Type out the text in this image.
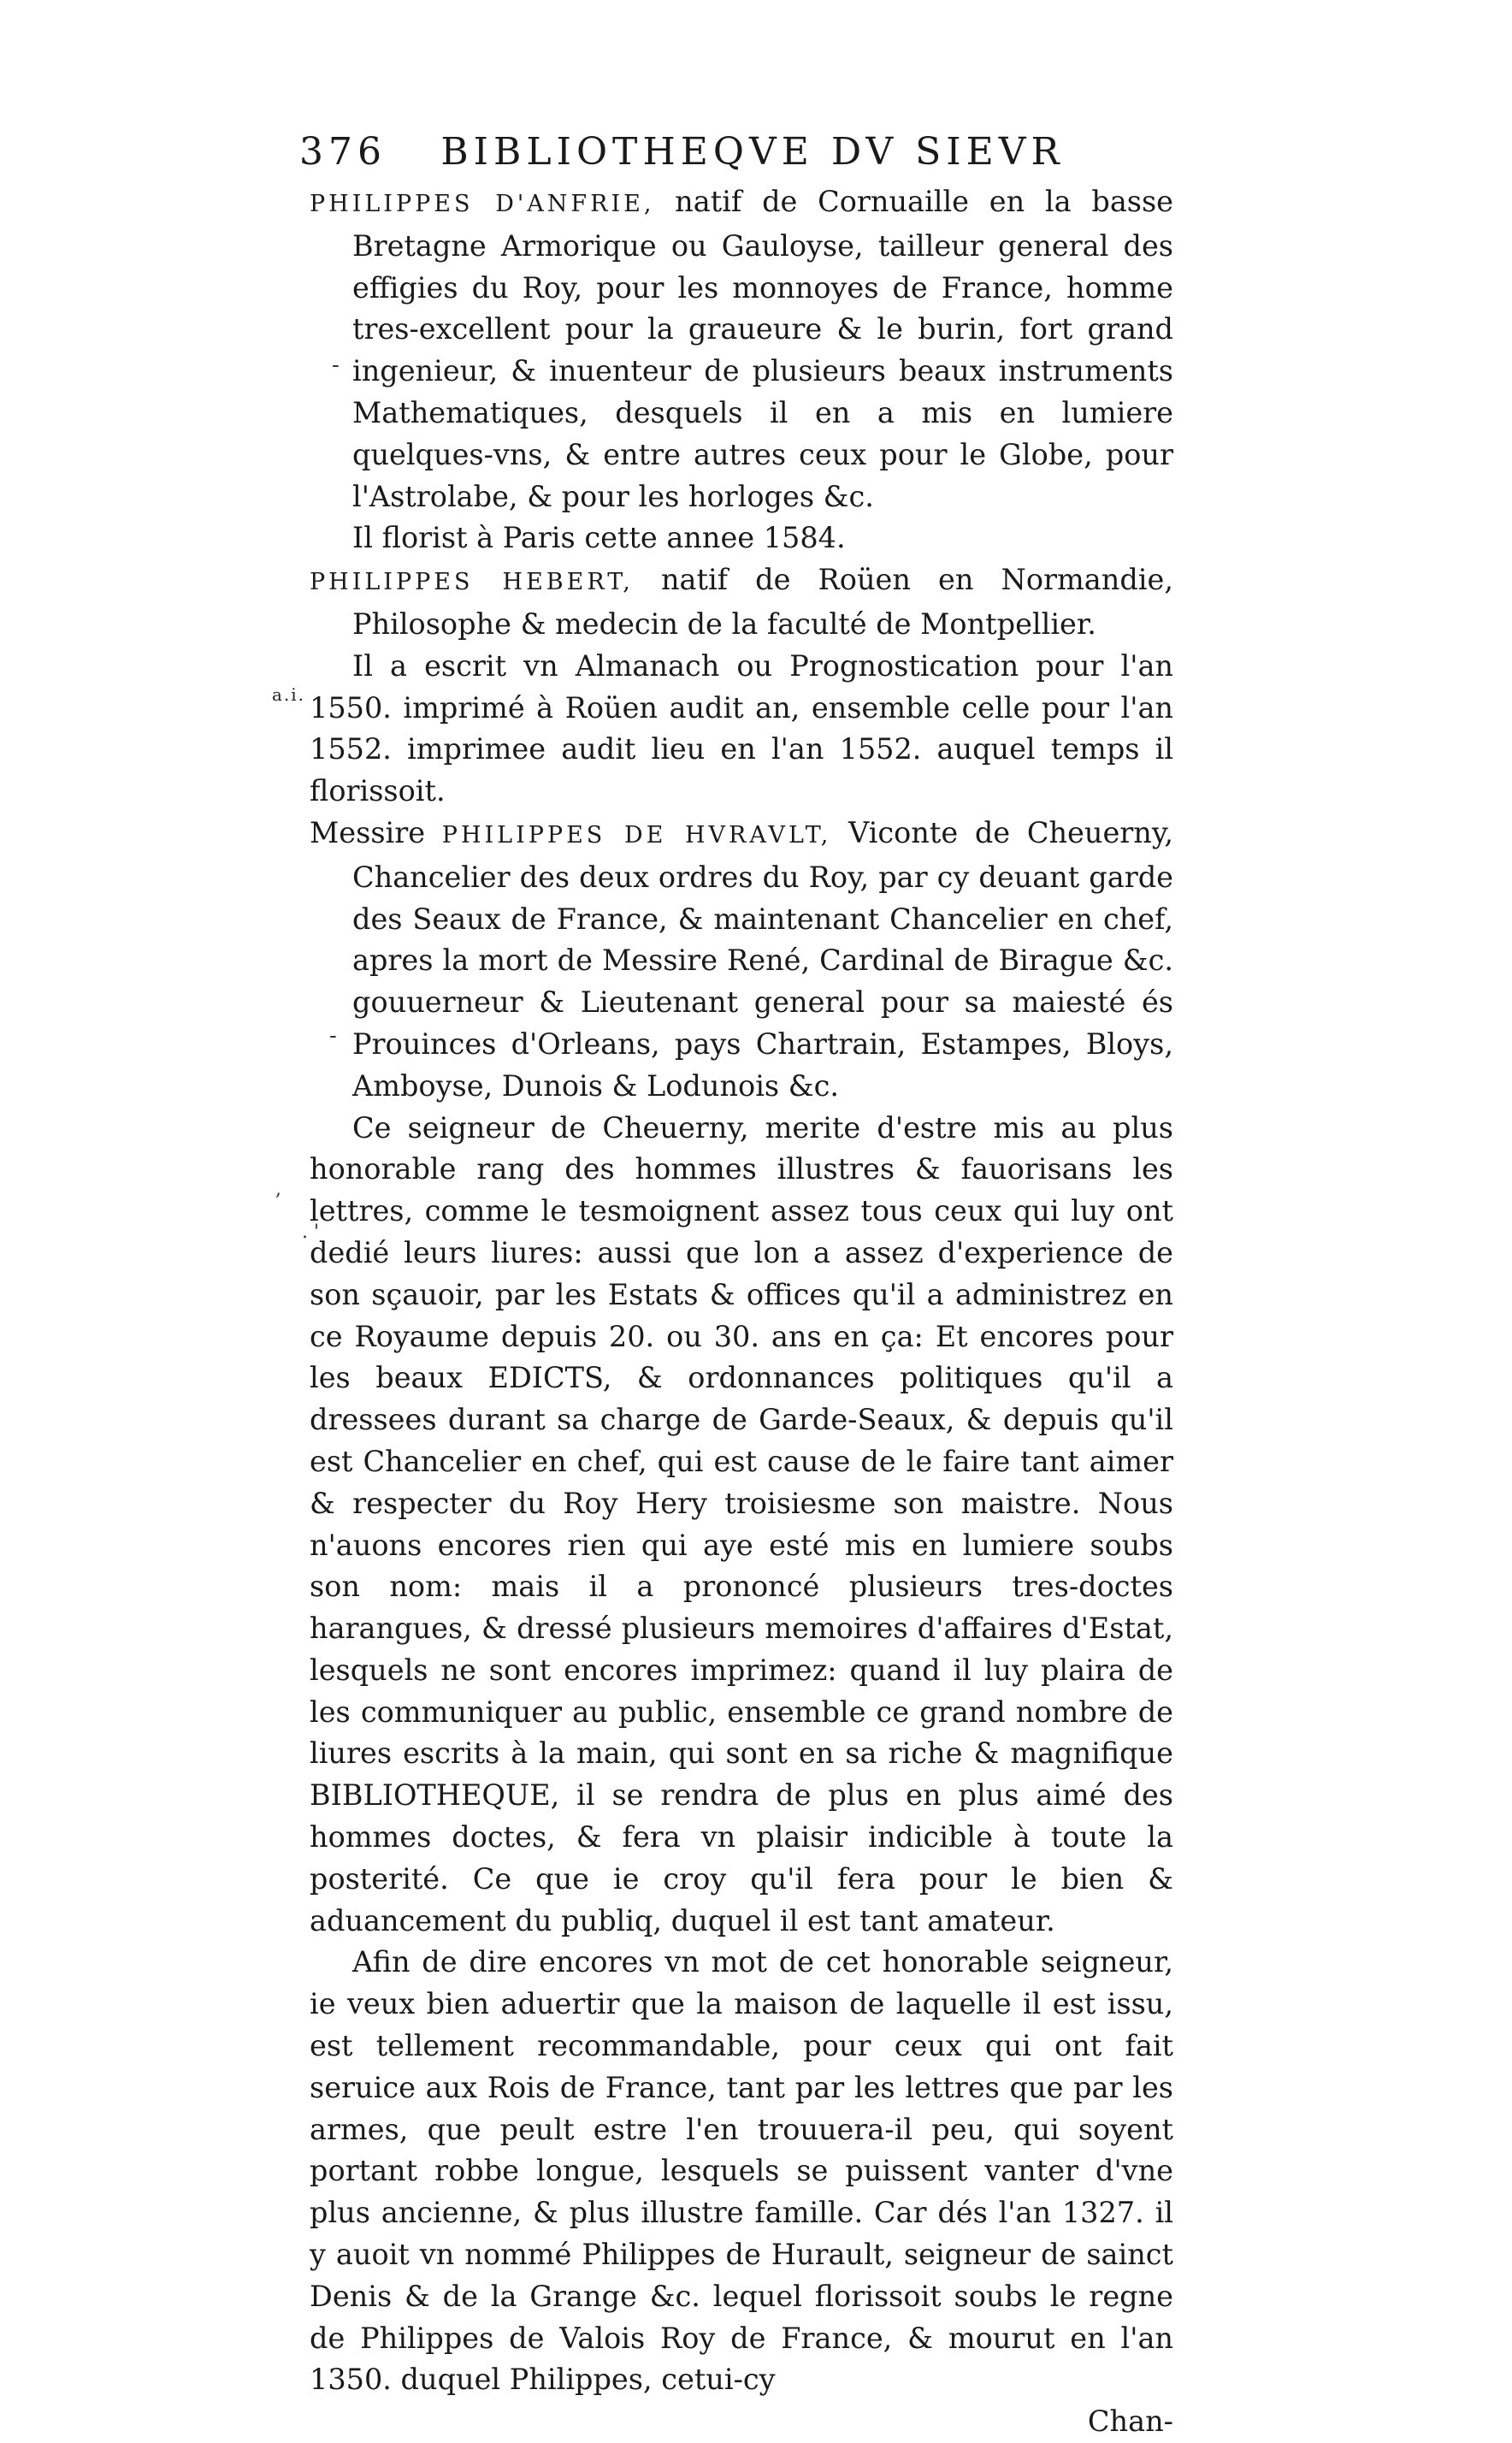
376	BIBLIOTHEQVE DV SIEVR
a.i.

PHILIPPES D'ANFRIE, natif de Cornuaille en la basse Bretagne Armorique ou Gauloyse, tailleur general des effigies du Roy, pour les monnoyes de France, homme tres-excellent pour la graueure & le burin, fort grand ingenieur, & inuenteur de plusieurs beaux instruments Mathematiques, desquels il en a mis en lumiere quelques-vns, & entre autres ceux pour le Globe, pour l'Astrolabe, & pour les horloges &c.

Il florist à Paris cette annee 1584.

PHILIPPES HEBERT, natif de Roüen en Normandie, Philosophe & medecin de la faculté de Montpellier.

Il a escrit vn Almanach ou Prognostication pour l'an 1550. imprimé à Roüen audit an, ensemble celle pour l'an 1552. imprimee audit lieu en l'an 1552. auquel temps il florissoit.

Messire PHILIPPES DE HVRAVLT, Viconte de Cheuerny, Chancelier des deux ordres du Roy, par cy deuant garde des Seaux de France, & maintenant Chancelier en chef, apres la mort de Messire René, Cardinal de Birague &c. gouuerneur & Lieutenant general pour sa maiesté és Prouinces d'Orleans, pays Chartrain, Estampes, Bloys, Amboyse, Dunois & Lodunois &c.

Ce seigneur de Cheuerny, merite d'estre mis au plus honorable rang des hommes illustres & fauorisans les lettres, comme le tesmoignent assez tous ceux qui luy ont dedié leurs liures: aussi que lon a assez d'experience de son sçauoir, par les Estats & offices qu'il a administrez en ce Royaume depuis 20. ou 30. ans en ça: Et encores pour les beaux EDICTS, & ordonnances politiques qu'il a dressees durant sa charge de Garde-Seaux, & depuis qu'il est Chancelier en chef, qui est cause de le faire tant aimer & respecter du Roy Hery troisiesme son maistre. Nous n'auons encores rien qui aye esté mis en lumiere soubs son nom: mais il a prononcé plusieurs tres-doctes harangues, & dressé plusieurs memoires d'affaires d'Estat, lesquels ne sont encores imprimez: quand il luy plaira de les communiquer au public, ensemble ce grand nombre de liures escrits à la main, qui sont en sa riche & magnifique BIBLIOTHEQUE, il se rendra de plus en plus aimé des hommes doctes, & fera vn plaisir indicible à toute la posterité. Ce que ie croy qu'il fera pour le bien & aduancement du publiq, duquel il est tant amateur.

Afin de dire encores vn mot de cet honorable seigneur, ie veux bien aduertir que la maison de laquelle il est issu, est tellement recommandable, pour ceux qui ont fait seruice aux Rois de France, tant par les lettres que par les armes, que peult estre l'en trouuera-il peu, qui soyent portant robbe longue, lesquels se puissent vanter d'vne plus ancienne, & plus illustre famille. Car dés l'an 1327. il y auoit vn nommé Philippes de Hurault, seigneur de sainct Denis & de la Grange &c. lequel florissoit soubs le regne de Philippes de Valois Roy de France, & mourut en l'an 1350. duquel Philippes, cetui-cy

Chan-

-
-
,
. '
